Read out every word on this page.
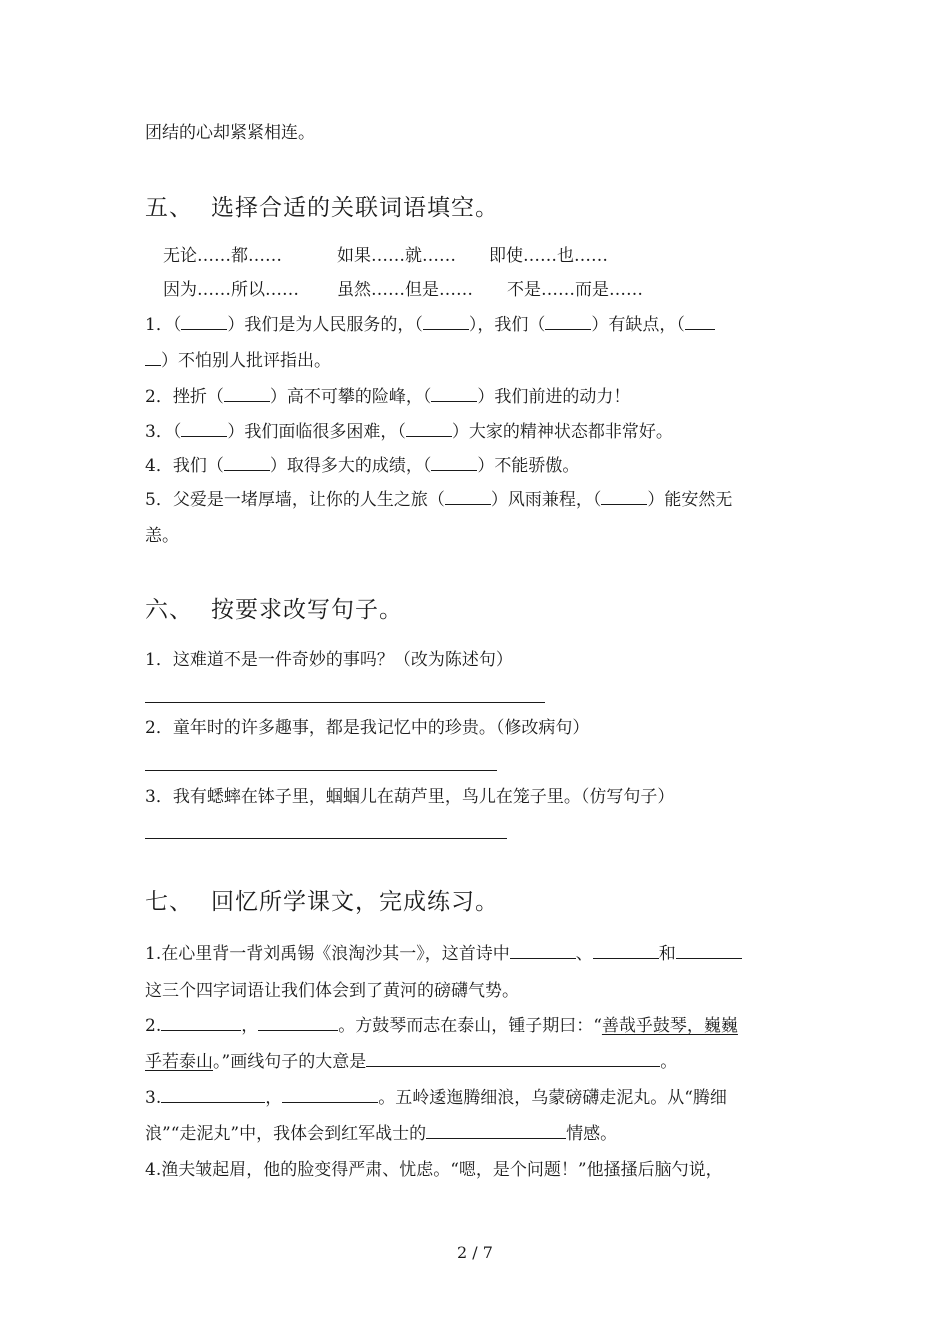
团结的心却紧紧相连。
五、 选择合适的关联词语填空。
无论……都……	如果……就…… 即使……也……
因为……所以…… 虽然……但是…… 不是……而是……
1．（	）我们是为人民服务的，（	），我们（	）有缺点，（
）不怕别人批评指出。
2．挫折（	）高不可攀的险峰，（	）我们前进的动力！
3．（	）我们面临很多困难，（	）大家的精神状态都非常好。
4．我们（	）取得多大的成绩，（	）不能骄傲。
5．父爱是一堵厚墙，让你的人生之旅（	）风雨兼程，（	）能安然无
恙。
六、 按要求改写句子。
1．这难道不是一件奇妙的事吗？（改为陈述句）
2．童年时的许多趣事，都是我记忆中的珍贵。（修改病句）
3．我有蟋蟀在钵子里，蝈蝈儿在葫芦里，鸟儿在笼子里。（仿写句子）
七、 回忆所学课文，完成练习。
1.在心里背一背刘禹锡《浪淘沙其一》，这首诗中	、	和
这三个四字词语让我们体会到了黄河的磅礴气势。
2.	，	。方鼓琴而志在泰山，锺子期曰：“善哉乎鼓琴，巍巍
乎若泰山。”画线句子的大意是	。
3.	，	。五岭逶迤腾细浪，乌蒙磅礴走泥丸。从“腾细
浪”“走泥丸”中，我体会到红军战士的	情感。
4.渔夫皱起眉，他的脸变得严肃、忧虑。“嗯，是个问题！”他搔搔后脑勺说，
2 / 7
